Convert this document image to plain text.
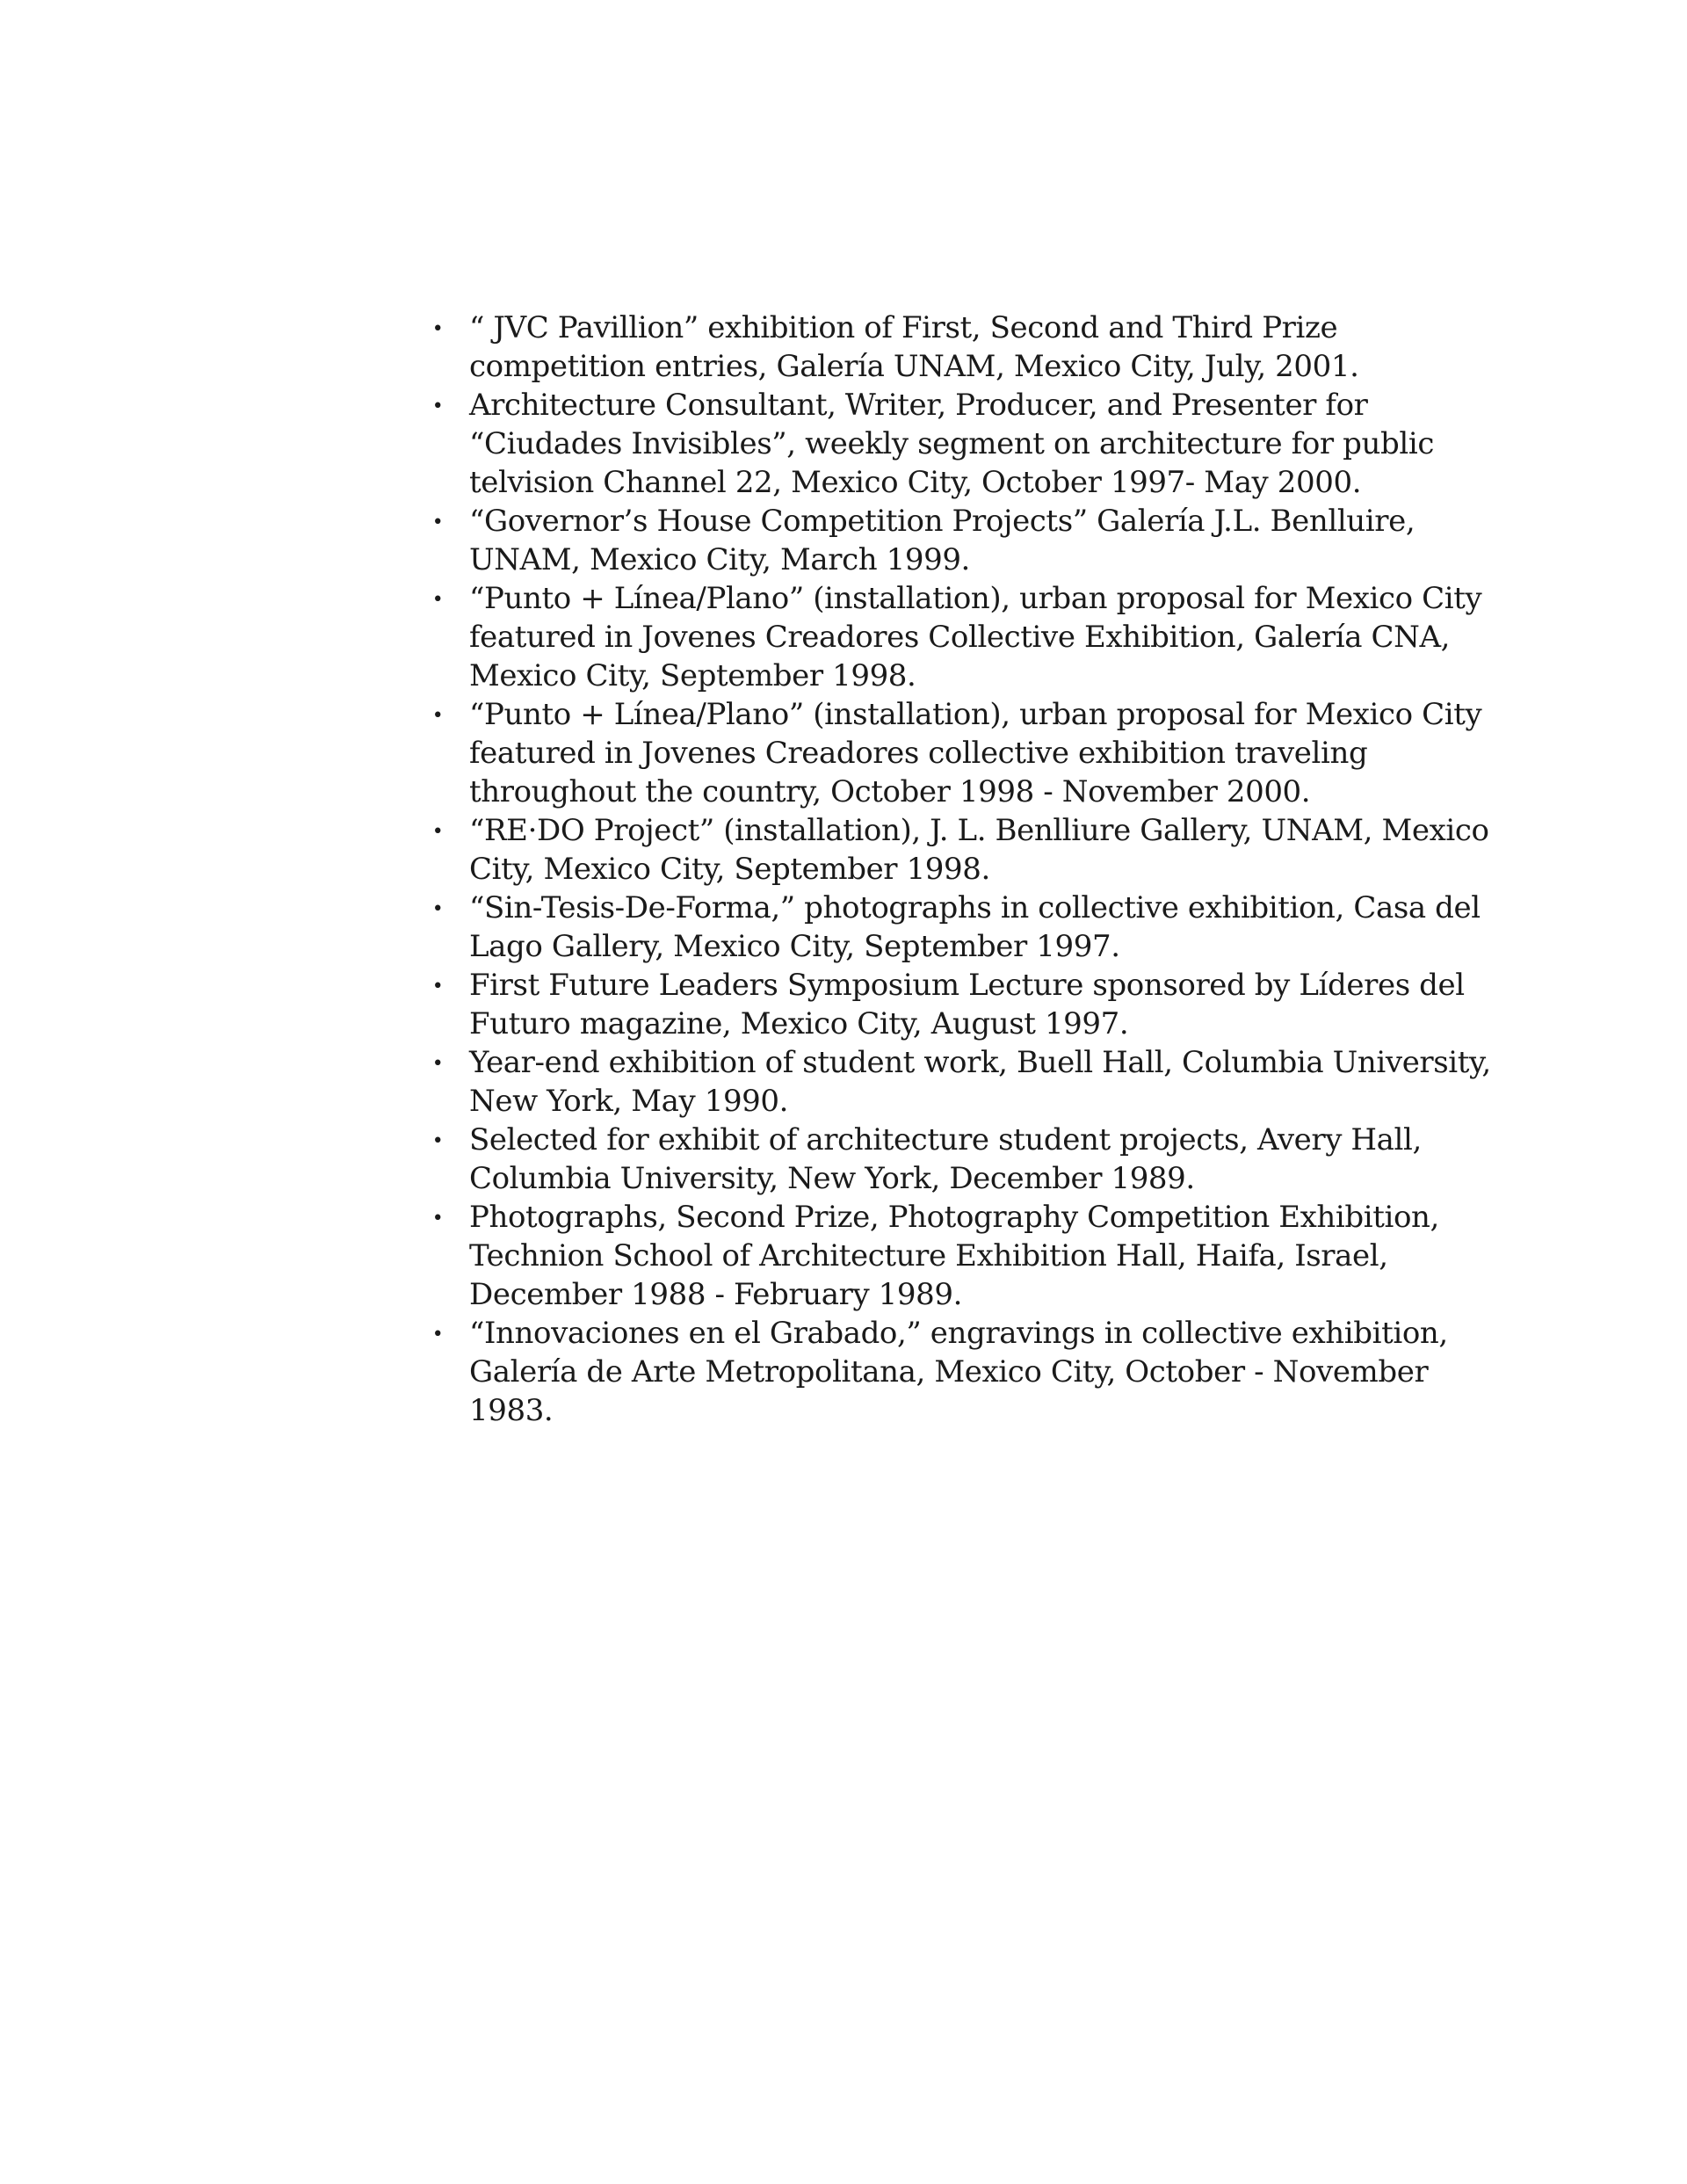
• “ JVC Pavillion” exhibition of First, Second and Third Prize competition entries, Galería UNAM, Mexico City, July, 2001.
• Architecture Consultant, Writer, Producer, and Presenter for “Ciudades Invisibles”, weekly segment on architecture for public telvision Channel 22, Mexico City, October 1997- May 2000.
• “Governor’s House Competition Projects” Galería J.L. Benlluire, UNAM, Mexico City, March 1999.
• “Punto + Línea/Plano” (installation), urban proposal for Mexico City featured in Jovenes Creadores Collective Exhibition, Galería CNA, Mexico City, September 1998.
• “Punto + Línea/Plano” (installation), urban proposal for Mexico City featured in Jovenes Creadores collective exhibition traveling throughout the country, October 1998 - November 2000.
• “RE·DO Project” (installation), J. L. Benlliure Gallery, UNAM, Mexico City, Mexico City, September 1998.
• “Sin-Tesis-De-Forma,” photographs in collective exhibition, Casa del Lago Gallery, Mexico City, September 1997.
• First Future Leaders Symposium Lecture sponsored by Líderes del Futuro magazine, Mexico City, August 1997.
• Year-end exhibition of student work, Buell Hall, Columbia University, New York, May 1990.
• Selected for exhibit of architecture student projects, Avery Hall, Columbia University, New York, December 1989.
• Photographs, Second Prize, Photography Competition Exhibition, Technion School of Architecture Exhibition Hall, Haifa, Israel, December 1988 - February 1989.
• “Innovaciones en el Grabado,” engravings in collective exhibition, Galería de Arte Metropolitana, Mexico City, October - November 1983.
